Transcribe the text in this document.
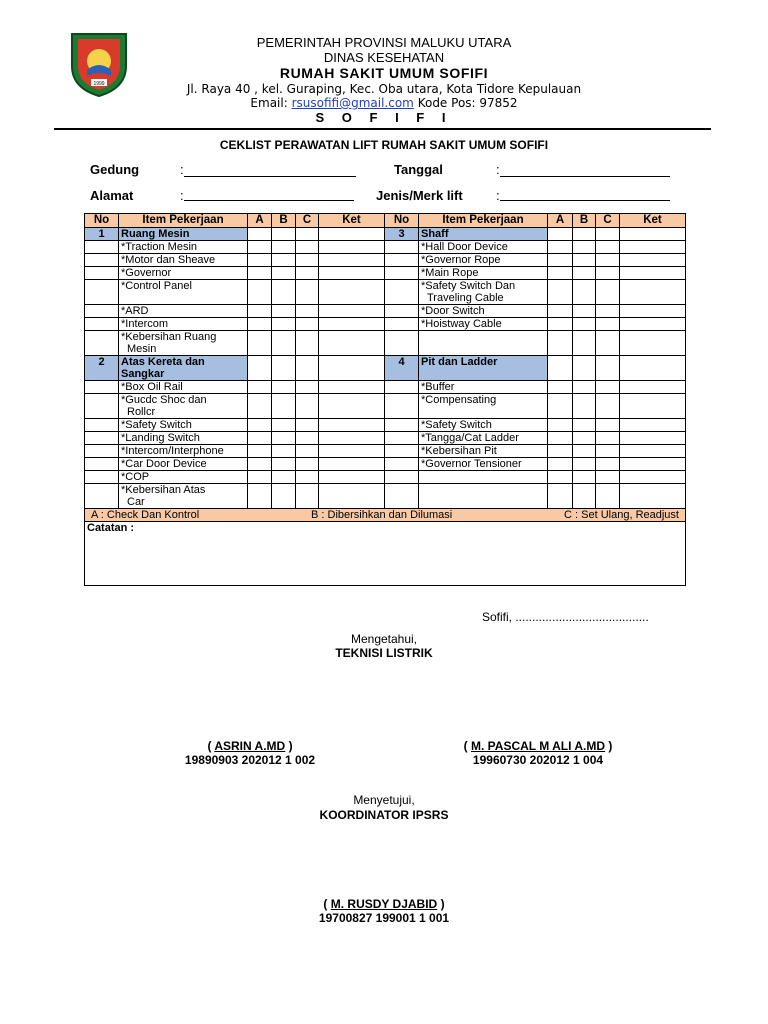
1999
PEMERINTAH PROVINSI MALUKU UTARA
DINAS KESEHATAN
RUMAH SAKIT UMUM SOFIFI
Jl. Raya 40 , kel. Guraping, Kec. Oba utara, Kota Tidore Kepulauan
Email: rsusofifi@gmail.com Kode Pos: 97852
S O F I F I
CEKLIST PERAWATAN LIFT RUMAH SAKIT UMUM SOFIFI
Gedung	:	Tanggal	:
Alamat	:	Jenis/Merk lift	:
No	Item Pekerjaan	A	B	C	Ket	No	Item Pekerjaan	A	B	C	Ket
1	Ruang Mesin					3	Shaff				

	*Traction Mesin						*Hall Door Device				

	*Motor dan Sheave						*Governor Rope				

	*Governor						*Main Rope				

	*Control Panel						*Safety Switch Dan
Traveling Cable				

	*ARD						*Door Switch				

	*Intercom						*Hoistway Cable				

	*Kebersihan Ruang
Mesin										

2	Atas Kereta dan
Sangkar					4	Pit dan Ladder				

	*Box Oil Rail						*Buffer				

	*Gucdc Shoc dan
Rollcr						*Compensating				

	*Safety Switch						*Safety Switch				

	*Landing Switch						*Tangga/Cat Ladder				

	*Intercom/Interphone						*Kebersihan Pit				

	*Car Door Device						*Governor Tensioner				

	*COP										

	*Kebersihan Atas
Car										

A : Check Dan Kontrol B : Dibersihkan dan Dilumasi C : Set Ulang, Readjust											

Catatan :											
Sofifi, ........................................
Mengetahui,
TEKNISI LISTRIK
( ASRIN A.MD )
19890903 202012 1 002
( M. PASCAL M ALI A.MD )
19960730 202012 1 004
Menyetujui,
KOORDINATOR IPSRS
( M. RUSDY DJABID )
19700827 199001 1 001
